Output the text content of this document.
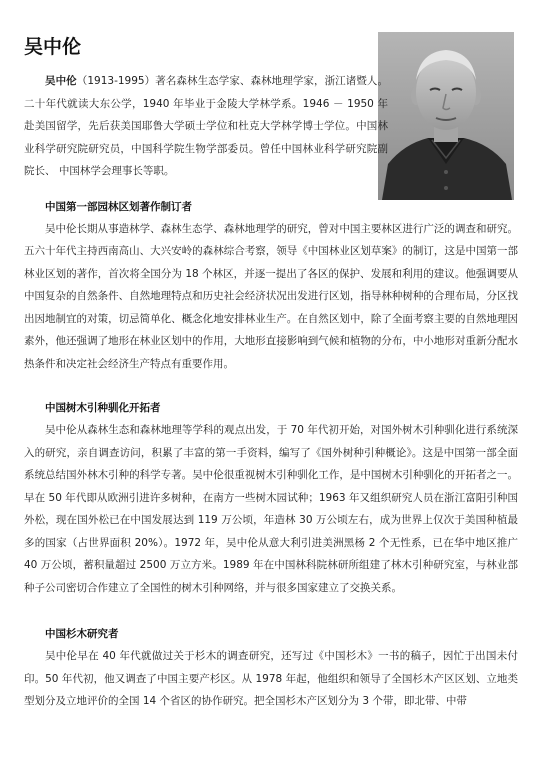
吴中伦

吴中伦（1913-1995）著名森林生态学家、森林地理学家，浙江诸暨人。二十年代就读大东公学，1940 年毕业于金陵大学林学系。1946 － 1950 年赴美国留学，先后获美国耶鲁大学硕士学位和杜克大学林学博士学位。中国林业科学研究院研究员，中国科学院生物学部委员。曾任中国林业科学研究院副院长、 中国林学会理事长等职。

中国第一部园林区划著作制订者

吴中伦长期从事造林学、森林生态学、森林地理学的研究，曾对中国主要林区进行广泛的调查和研究。五六十年代主持西南高山、大兴安岭的森林综合考察，领导《中国林业区划草案》的制订，这是中国第一部林业区划的著作，首次将全国分为 18 个林区，并逐一提出了各区的保护、发展和利用的建议。他强调要从中国复杂的自然条件、自然地理特点和历史社会经济状况出发进行区划，指导林种树种的合理布局，分区找出因地制宜的对策，切忌简单化、概念化地安排林业生产。在自然区划中，除了全面考察主要的自然地理因素外，他还强调了地形在林业区划中的作用，大地形直接影响到气候和植物的分布，中小地形对重新分配水热条件和决定社会经济生产特点有重要作用。

中国树木引种驯化开拓者

吴中伦从森林生态和森林地理等学科的观点出发，于 70 年代初开始，对国外树木引种驯化进行系统深入的研究，亲自调查访问，积累了丰富的第一手资料，编写了《国外树种引种概论》。这是中国第一部全面系统总结国外林木引种的科学专著。吴中伦很重视树木引种驯化工作，是中国树木引种驯化的开拓者之一。早在 50 年代即从欧洲引进许多树种，在南方一些树木园试种；1963 年又组织研究人员在浙江富阳引种国外松，现在国外松已在中国发展达到 119 万公顷，年造林 30 万公顷左右，成为世界上仅次于美国种植最多的国家（占世界面积 20%）。1972 年，吴中伦从意大利引进美洲黑杨 2 个无性系，已在华中地区推广 40 万公顷，蓄积量超过 2500 万立方米。1989 年在中国林科院林研所组建了林木引种研究室，与林业部种子公司密切合作建立了全国性的树木引种网络，并与很多国家建立了交换关系。

中国杉木研究者

吴中伦早在 40 年代就做过关于杉木的调查研究，还写过《中国杉木》一书的稿子，因忙于出国未付印。50 年代初，他又调查了中国主要产杉区。从 1978 年起，他组织和领导了全国杉木产区区划、立地类型划分及立地评价的全国 14 个省区的协作研究。把全国杉木产区划分为 3 个带，即北带、中带
